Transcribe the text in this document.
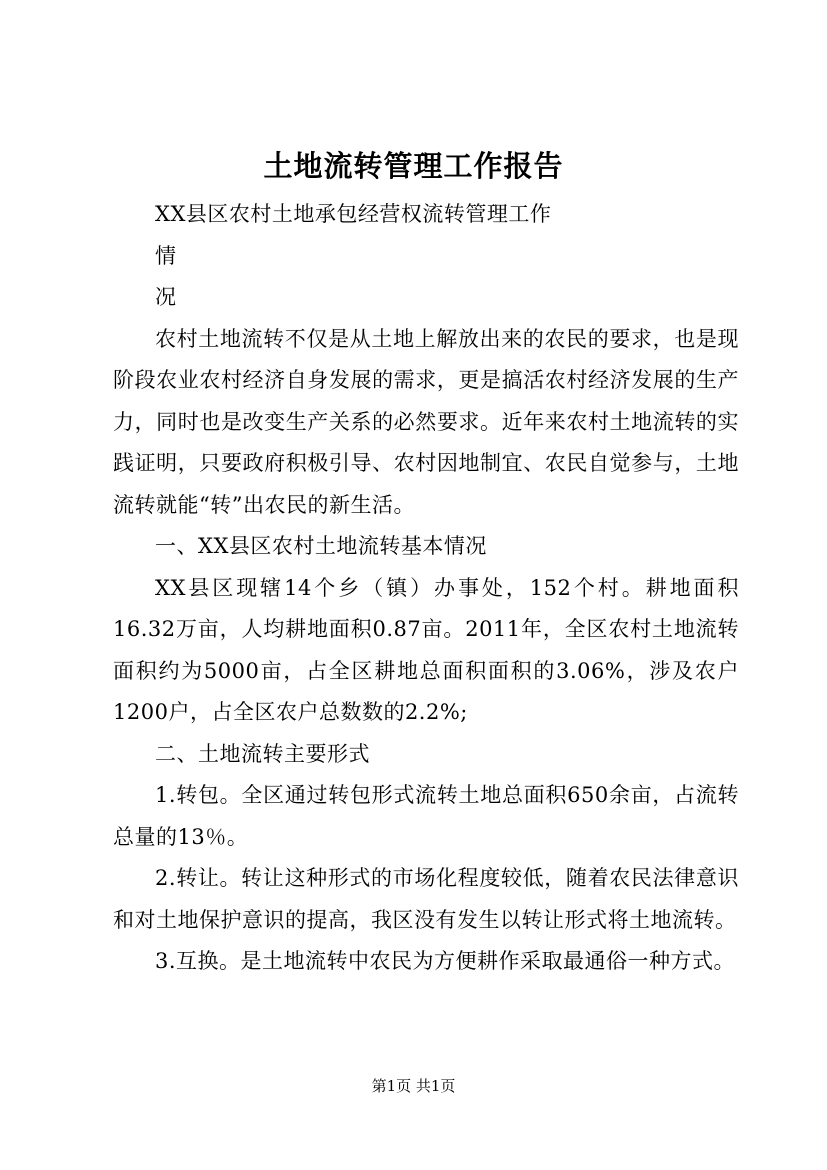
土地流转管理工作报告

XX县区农村土地承包经营权流转管理工作

情

况

农村土地流转不仅是从土地上解放出来的农民的要求，也是现阶段农业农村经济自身发展的需求，更是搞活农村经济发展的生产力，同时也是改变生产关系的必然要求。近年来农村土地流转的实践证明，只要政府积极引导、农村因地制宜、农民自觉参与，土地流转就能“转”出农民的新生活。

一、XX县区农村土地流转基本情况

XX县区现辖14个乡（镇）办事处，152个村。耕地面积16.32万亩，人均耕地面积0.87亩。2011年，全区农村土地流转面积约为5000亩，占全区耕地总面积面积的3.06%，涉及农户1200户，占全区农户总数数的2.2%;

二、土地流转主要形式

1.转包。全区通过转包形式流转土地总面积650余亩，占流转总量的13％。

2.转让。转让这种形式的市场化程度较低，随着农民法律意识和对土地保护意识的提高，我区没有发生以转让形式将土地流转。

3.互换。是土地流转中农民为方便耕作采取最通俗一种方式。

第1页 共1页
